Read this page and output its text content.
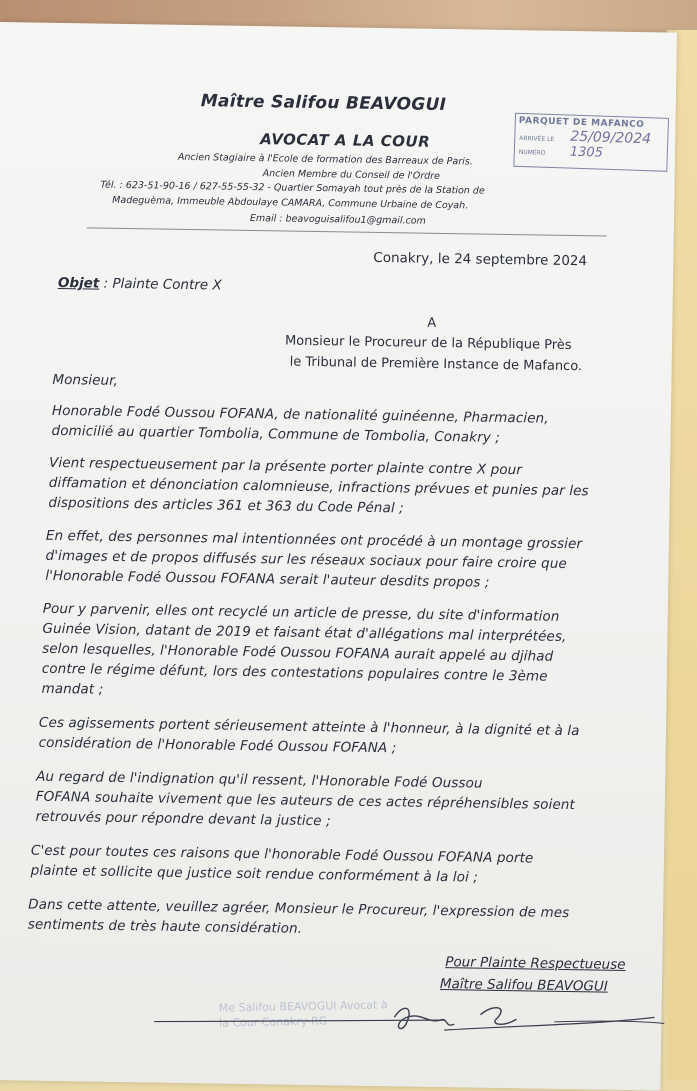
Maître Salifou BEAVOGUI
AVOCAT A LA COUR
Ancien Stagiaire à l'Ecole de formation des Barreaux de Paris.
Ancien Membre du Conseil de l'Ordre
Tél. : 623-51-90-16 / 627-55-55-32 - Quartier Somayah tout près de la Station de
Madeguèma, Immeuble Abdoulaye CAMARA, Commune Urbaine de Coyah.
Email : beavoguisalifou1@gmail.com
PARQUET DE MAFANCO
ARRIVÉE LE 25/09/2024
NUMÉRO 1305
Conakry, le 24 septembre 2024
Objet : Plainte Contre X
A
Monsieur le Procureur de la République Près
le Tribunal de Première Instance de Mafanco.
Monsieur,
Honorable Fodé Oussou FOFANA, de nationalité guinéenne, Pharmacien,
domicilié au quartier Tombolia, Commune de Tombolia, Conakry ;
Vient respectueusement par la présente porter plainte contre X pour
diffamation et dénonciation calomnieuse, infractions prévues et punies par les
dispositions des articles 361 et 363 du Code Pénal ;
En effet, des personnes mal intentionnées ont procédé à un montage grossier
d'images et de propos diffusés sur les réseaux sociaux pour faire croire que
l'Honorable Fodé Oussou FOFANA serait l'auteur desdits propos ;
Pour y parvenir, elles ont recyclé un article de presse, du site d'information
Guinée Vision, datant de 2019 et faisant état d'allégations mal interprétées,
selon lesquelles, l'Honorable Fodé Oussou FOFANA aurait appelé au djihad
contre le régime défunt, lors des contestations populaires contre le 3ème
mandat ;
Ces agissements portent sérieusement atteinte à l'honneur, à la dignité et à la
considération de l'Honorable Fodé Oussou FOFANA ;
Au regard de l'indignation qu'il ressent, l'Honorable Fodé Oussou
FOFANA souhaite vivement que les auteurs de ces actes répréhensibles soient
retrouvés pour répondre devant la justice ;
C'est pour toutes ces raisons que l'honorable Fodé Oussou FOFANA porte
plainte et sollicite que justice soit rendue conformément à la loi ;
Dans cette attente, veuillez agréer, Monsieur le Procureur, l'expression de mes
sentiments de très haute considération.
Pour Plainte Respectueuse
Maître Salifou BEAVOGUI
Me Salifou BEAVOGUI Avocat à la Cour Conakry-RG
